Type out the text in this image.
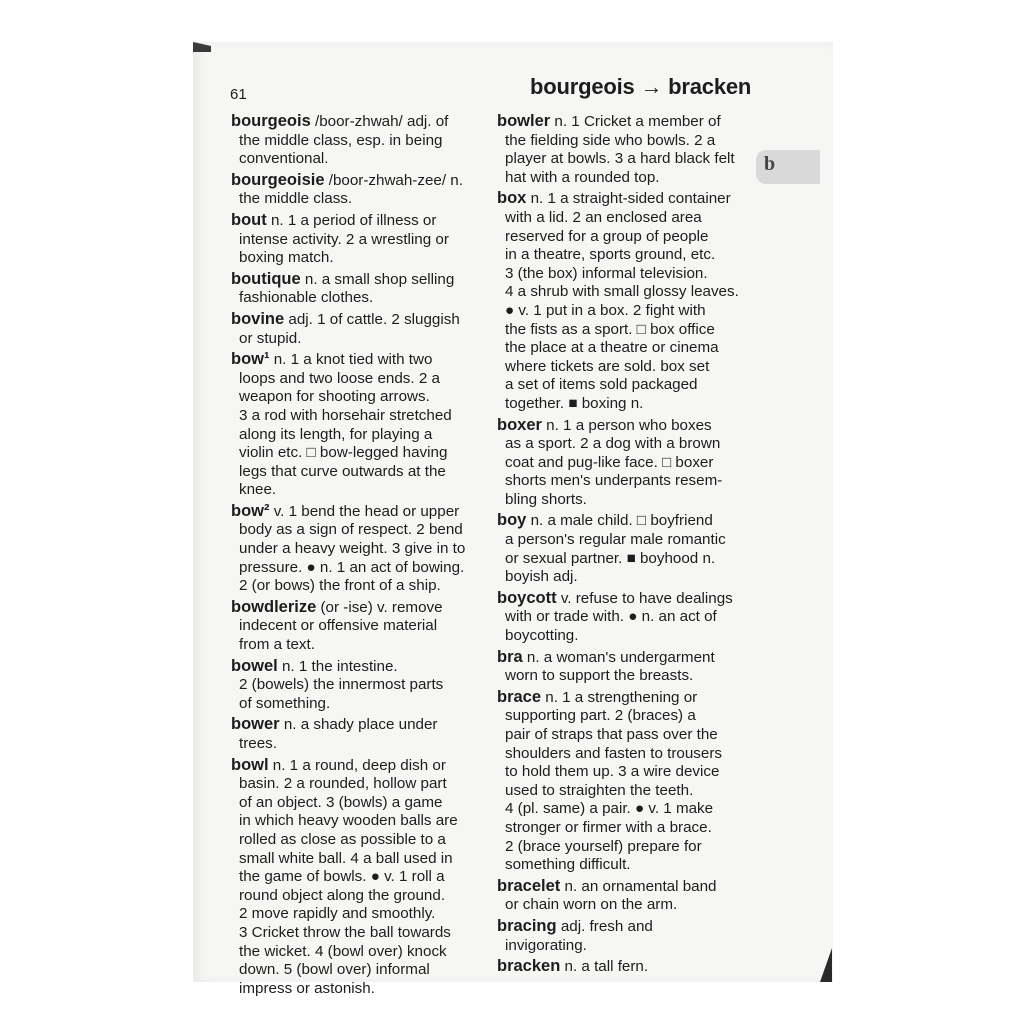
61	bourgeois → bracken
b
bourgeois /boor-zhwah/ adj. of
the middle class, esp. in being
conventional.
bourgeoisie /boor-zhwah-zee/ n.
the middle class.
bout n. 1 a period of illness or
intense activity. 2 a wrestling or
boxing match.
boutique n. a small shop selling
fashionable clothes.
bovine adj. 1 of cattle. 2 sluggish
or stupid.
bow¹ n. 1 a knot tied with two
loops and two loose ends. 2 a
weapon for shooting arrows.
3 a rod with horsehair stretched
along its length, for playing a
violin etc. □ bow-legged having
legs that curve outwards at the
knee.
bow² v. 1 bend the head or upper
body as a sign of respect. 2 bend
under a heavy weight. 3 give in to
pressure. ● n. 1 an act of bowing.
2 (or bows) the front of a ship.
bowdlerize (or -ise) v. remove
indecent or offensive material
from a text.
bowel n. 1 the intestine.
2 (bowels) the innermost parts
of something.
bower n. a shady place under
trees.
bowl n. 1 a round, deep dish or
basin. 2 a rounded, hollow part
of an object. 3 (bowls) a game
in which heavy wooden balls are
rolled as close as possible to a
small white ball. 4 a ball used in
the game of bowls. ● v. 1 roll a
round object along the ground.
2 move rapidly and smoothly.
3 Cricket throw the ball towards
the wicket. 4 (bowl over) knock
down. 5 (bowl over) informal
impress or astonish.
bowler n. 1 Cricket a member of
the fielding side who bowls. 2 a
player at bowls. 3 a hard black felt
hat with a rounded top.
box n. 1 a straight-sided container
with a lid. 2 an enclosed area
reserved for a group of people
in a theatre, sports ground, etc.
3 (the box) informal television.
4 a shrub with small glossy leaves.
● v. 1 put in a box. 2 fight with
the fists as a sport. □ box office
the place at a theatre or cinema
where tickets are sold. box set
a set of items sold packaged
together. ■ boxing n.
boxer n. 1 a person who boxes
as a sport. 2 a dog with a brown
coat and pug-like face. □ boxer
shorts men's underpants resem-
bling shorts.
boy n. a male child. □ boyfriend
a person's regular male romantic
or sexual partner. ■ boyhood n.
boyish adj.
boycott v. refuse to have dealings
with or trade with. ● n. an act of
boycotting.
bra n. a woman's undergarment
worn to support the breasts.
brace n. 1 a strengthening or
supporting part. 2 (braces) a
pair of straps that pass over the
shoulders and fasten to trousers
to hold them up. 3 a wire device
used to straighten the teeth.
4 (pl. same) a pair. ● v. 1 make
stronger or firmer with a brace.
2 (brace yourself) prepare for
something difficult.
bracelet n. an ornamental band
or chain worn on the arm.
bracing adj. fresh and
invigorating.
bracken n. a tall fern.
